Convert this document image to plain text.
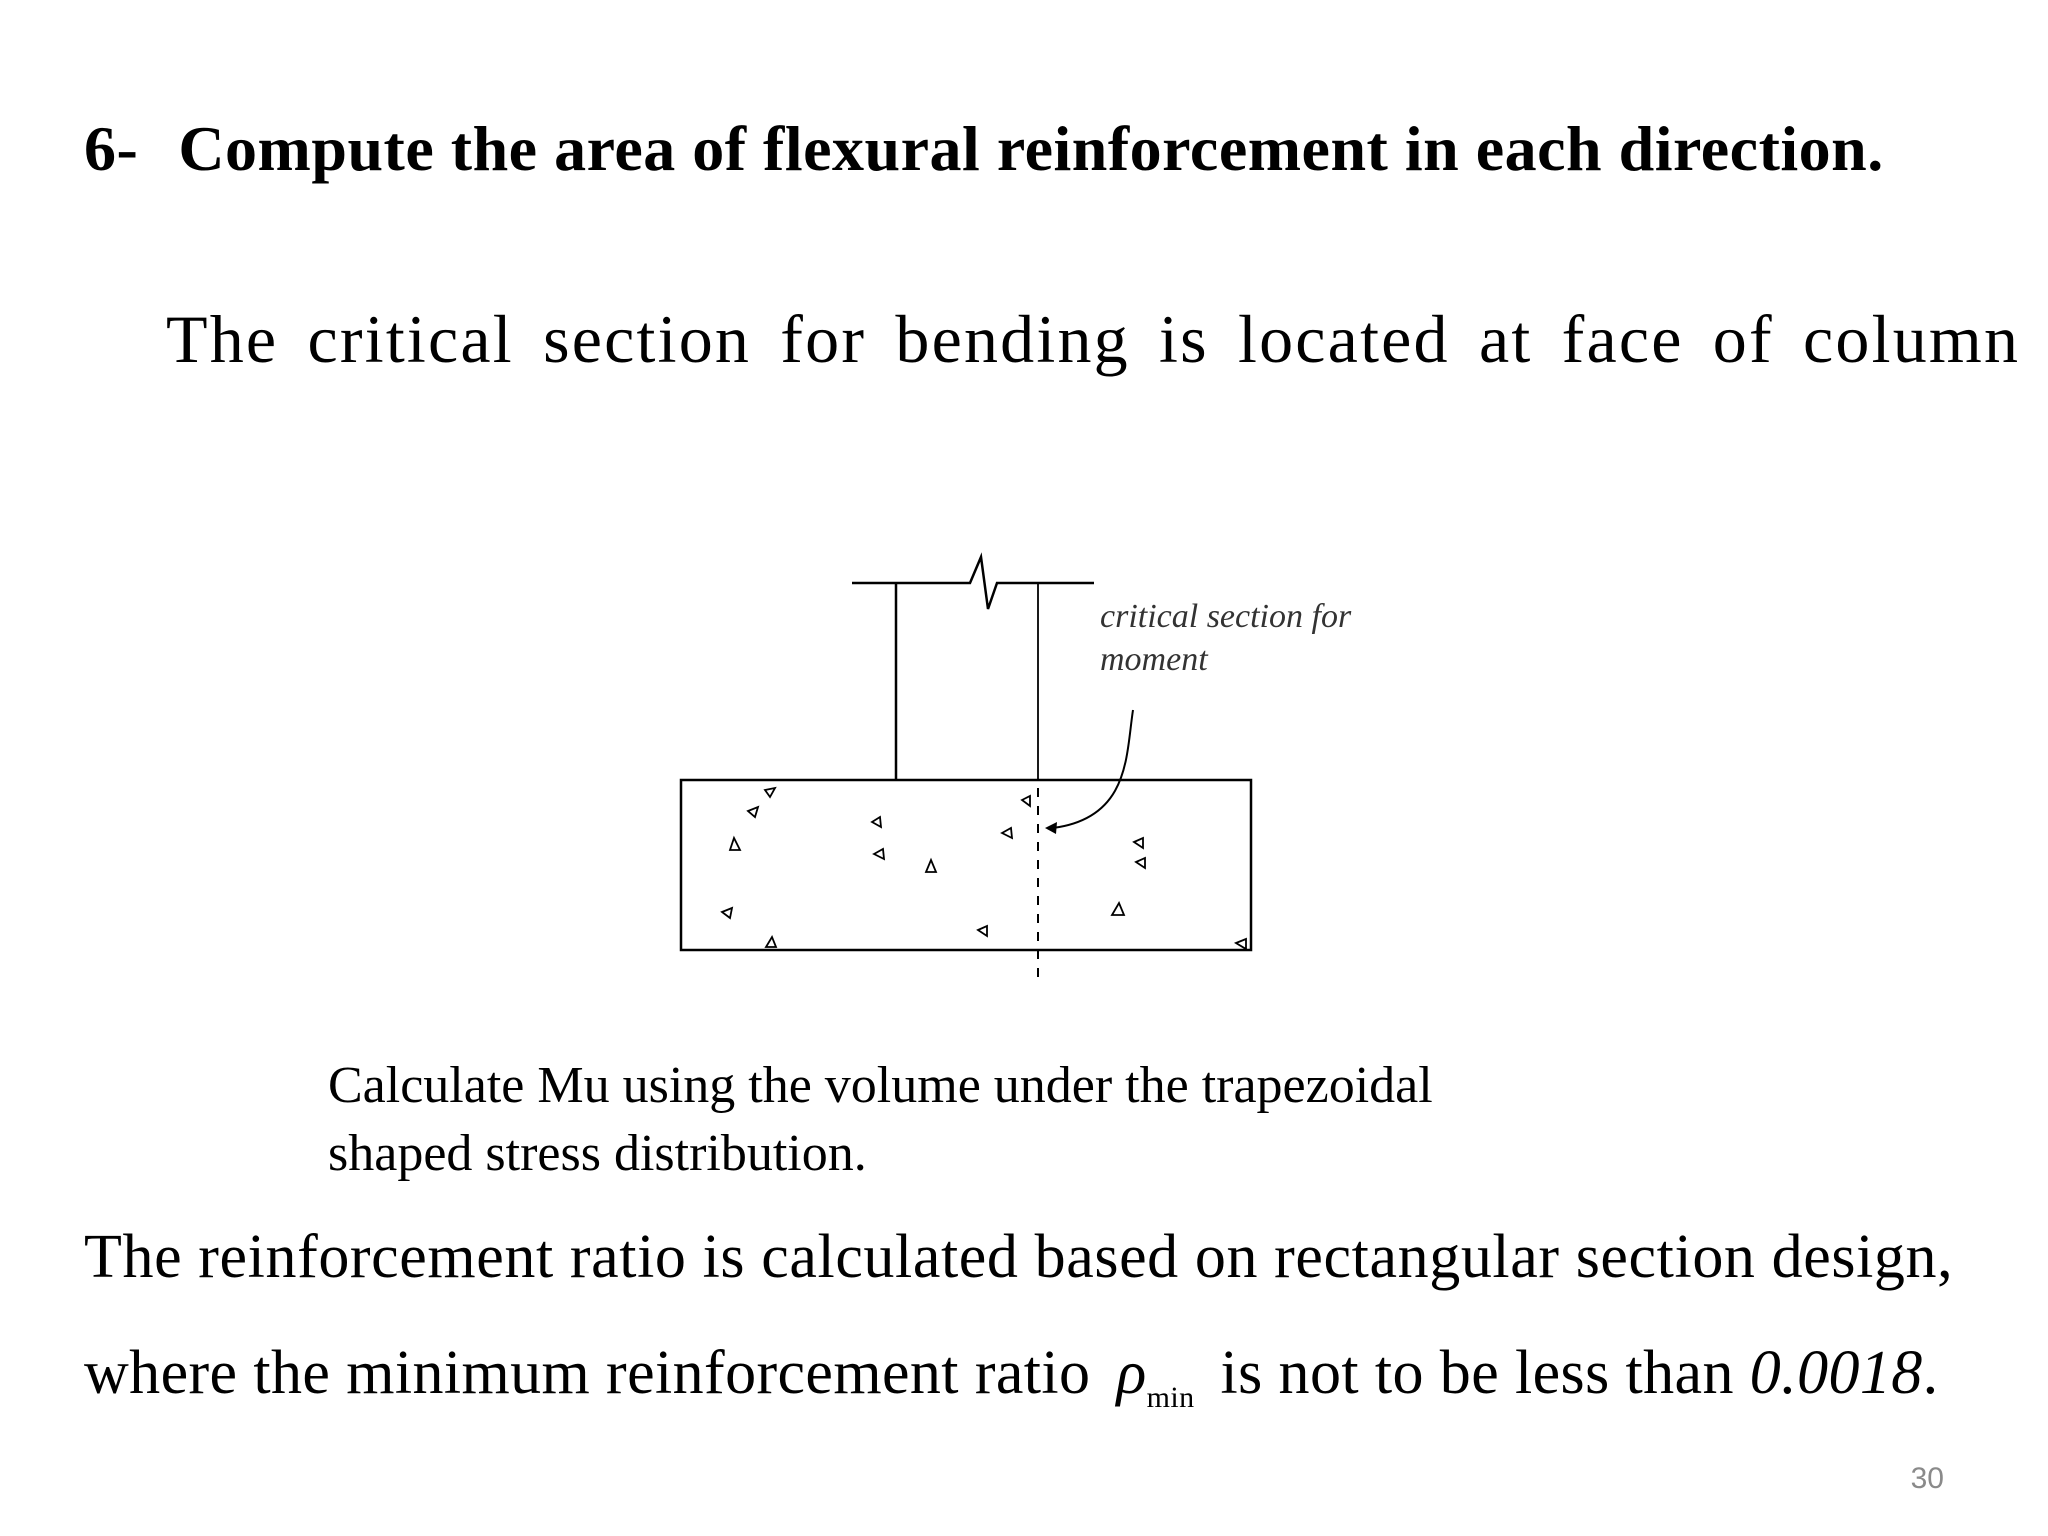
6- Compute the area of flexural reinforcement in each direction.
The critical section for bending is located at face of column
critical section for
moment
Calculate Mu using the volume under the trapezoidal
shaped stress distribution.
The reinforcement ratio is calculated based on rectangular section design,
where the minimum reinforcement ratio $\rho_{min}$ is not to be less than 0.0018.
30
